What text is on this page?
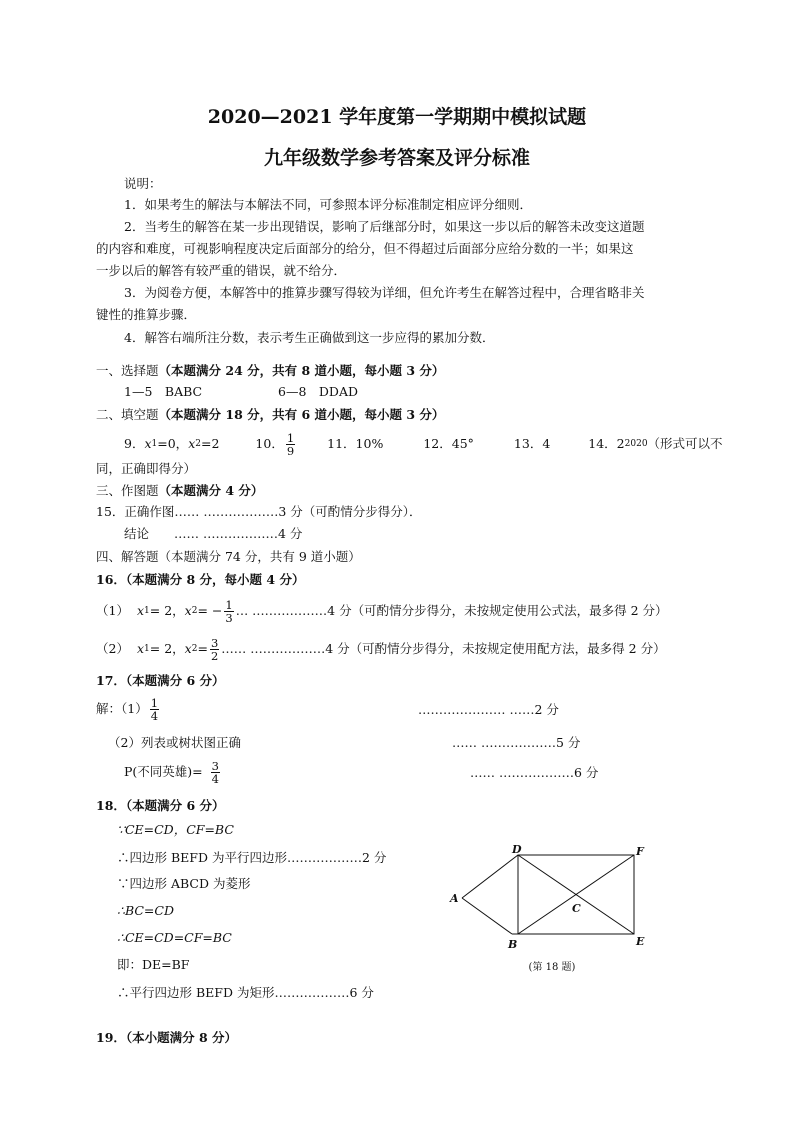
2020—2021 学年度第一学期期中模拟试题
九年级数学参考答案及评分标准
说明：
1．如果考生的解法与本解法不同，可参照本评分标准制定相应评分细则．
2．当考生的解答在某一步出现错误，影响了后继部分时，如果这一步以后的解答未改变这道题
的内容和难度，可视影响程度决定后面部分的给分，但不得超过后面部分应给分数的一半；如果这
一步以后的解答有较严重的错误，就不给分．
3．为阅卷方便，本解答中的推算步骤写得较为详细，但允许考生在解答过程中，合理省略非关
键性的推算步骤．
4．解答右端所注分数，表示考生正确做到这一步应得的累加分数．
一、选择题（本题满分 24 分，共有 8 道小题，每小题 3 分）
1—5　BABC	6—8　DDAD
二、填空题（本题满分 18 分，共有 6 道小题，每小题 3 分）
9． x 1 =0， x 2 =2	10． $\frac{1}{9}$	11．10%	12．45°	13．4	14．2 2020 （形式可以不
同，正确即得分）
三、作图题（本题满分 4 分）
15．正确作图…… ………………3 分（可酌情分步得分）．
结论　　…… ………………4 分
四、解答题（本题满分 74 分，共有 9 道小题）
16．（本题满分 8 分，每小题 4 分）
（1） x 1 = 2， x 2 = − $\frac{1}{3}$ … ………………4 分（可酌情分步得分，未按规定使用公式法，最多得 2 分）
（2） x 1 = 2， x $2 = \frac{3}{2}$ …… ………………4 分（可酌情分步得分，未按规定使用配方法，最多得 2 分）
17．（本题满分 6 分）
解：$(1) \frac{1}{4}$	………………… ……2 分
（2）列表或树状图正确	…… ………………5 分
P(不同英雄)= $\frac{3}{4}$	…… ………………6 分
18．（本题满分 6 分）
∵CE=CD，CF=BC
∴四边形 BEFD 为平行四边形………………2 分
∵四边形 ABCD 为菱形
∴BC=CD
∴CE=CD=CF=BC
即：DE=BF
∴平行四边形 BEFD 为矩形………………6 分
D	F
A
C
B	E
(第 18 题)
19．（本小题满分 8 分）
